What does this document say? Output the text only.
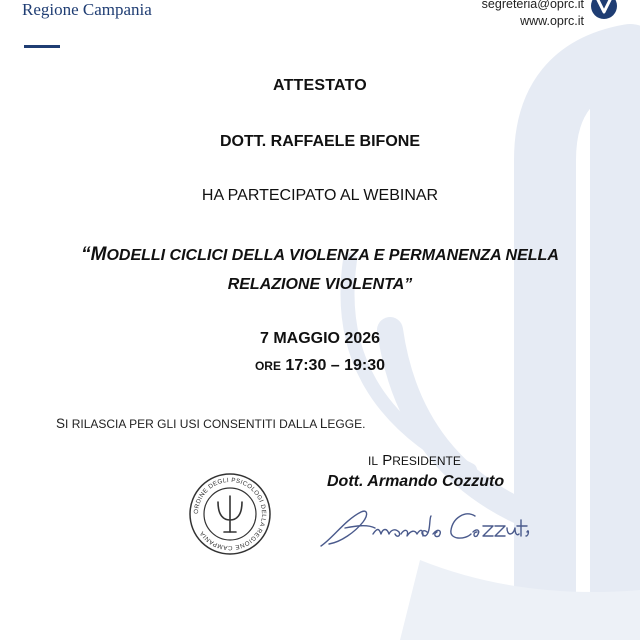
Regione Campania	segreteria@oprc.it
www.oprc.it
ATTESTATO
DOTT. RAFFAELE BIFONE
HA PARTECIPATO AL WEBINAR
“MODELLI CICLICI DELLA VIOLENZA E PERMANENZA NELLA RELAZIONE VIOLENTA”
7 MAGGIO 2026
ORE 17:30 – 19:30
SI RILASCIA PER GLI USI CONSENTITI DALLA LEGGE.
IL PRESIDENTE
Dott. Armando Cozzuto
ORDINE DEGLI PSICOLOGI DELLA REGIONE CAMPANIA
